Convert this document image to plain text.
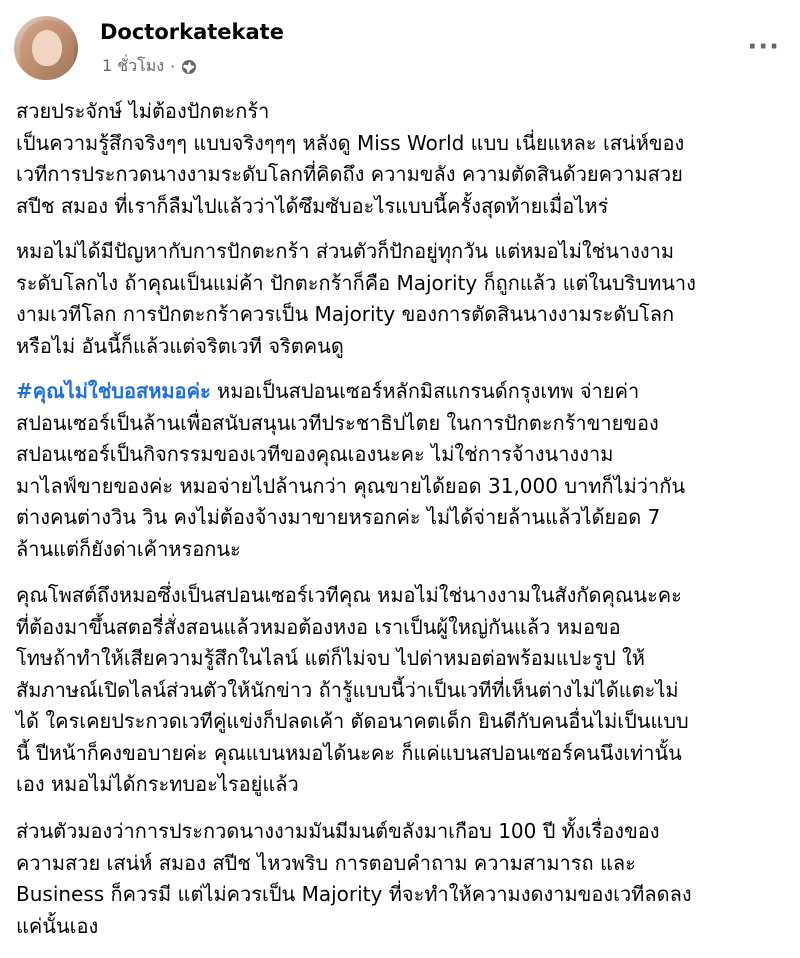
Doctorkatekate
1 ชั่วโมง ·
···
สวยประจักษ์ ไม่ต้องปักตะกร้า
เป็นความรู้สึกจริงๆๆ แบบจริงๆๆๆ หลังดู Miss World แบบ เนี่ยแหละ เสน่ห์ของ
เวทีการประกวดนางงามระดับโลกที่คิดถึง ความขลัง ความตัดสินด้วยความสวย
สปีช สมอง ที่เราก็ลืมไปแล้วว่าได้ซึมซับอะไรแบบนี้ครั้งสุดท้ายเมื่อไหร่
หมอไม่ได้มีปัญหากับการปักตะกร้า ส่วนตัวก็ปักอยู่ทุกวัน แต่หมอไม่ใช่นางงาม
ระดับโลกไง ถ้าคุณเป็นแม่ค้า ปักตะกร้าก็คือ Majority ก็ถูกแล้ว แต่ในบริบทนาง
งามเวทีโลก การปักตะกร้าควรเป็น Majority ของการตัดสินนางงามระดับโลก
หรือไม่ อันนี้ก็แล้วแต่จริตเวที จริตคนดู
#คุณไม่ใช่บอสหมอค่ะ หมอเป็นสปอนเซอร์หลักมิสแกรนด์กรุงเทพ จ่ายค่า
สปอนเซอร์เป็นล้านเพื่อสนับสนุนเวทีประชาธิปไตย ในการปักตะกร้าขายของ
สปอนเซอร์เป็นกิจกรรมของเวทีของคุณเองนะคะ ไม่ใช่การจ้างนางงาม
มาไลฟ์ขายของค่ะ หมอจ่ายไปล้านกว่า คุณขายได้ยอด 31,000 บาทก็ไม่ว่ากัน
ต่างคนต่างวิน วิน คงไม่ต้องจ้างมาขายหรอกค่ะ ไม่ได้จ่ายล้านแล้วได้ยอด 7
ล้านแต่ก็ยังด่าเค้าหรอกนะ
คุณโพสต์ถึงหมอซึ่งเป็นสปอนเซอร์เวทีคุณ หมอไม่ใช่นางงามในสังกัดคุณนะคะ
ที่ต้องมาขึ้นสตอรี่สั่งสอนแล้วหมอต้องหงอ เราเป็นผู้ใหญ่กันแล้ว หมอขอ
โทษถ้าทำให้เสียความรู้สึกในไลน์ แต่ก็ไม่จบ ไปด่าหมอต่อพร้อมแปะรูป ให้
สัมภาษณ์เปิดไลน์ส่วนตัวให้นักข่าว ถ้ารู้แบบนี้ว่าเป็นเวทีที่เห็นต่างไม่ได้แตะไม่
ได้ ใครเคยประกวดเวทีคู่แข่งก็ปลดเค้า ตัดอนาคตเด็ก ยินดีกับคนอื่นไม่เป็นแบบ
นี้ ปีหน้าก็คงขอบายค่ะ คุณแบนหมอได้นะคะ ก็แค่แบนสปอนเซอร์คนนึงเท่านั้น
เอง หมอไม่ได้กระทบอะไรอยู่แล้ว
ส่วนตัวมองว่าการประกวดนางงามมันมีมนต์ขลังมาเกือบ 100 ปี ทั้งเรื่องของ
ความสวย เสน่ห์ สมอง สปีช ไหวพริบ การตอบคำถาม ความสามารถ และ
Business ก็ควรมี แต่ไม่ควรเป็น Majority ที่จะทำให้ความงดงามของเวทีลดลง
แค่นั้นเอง
